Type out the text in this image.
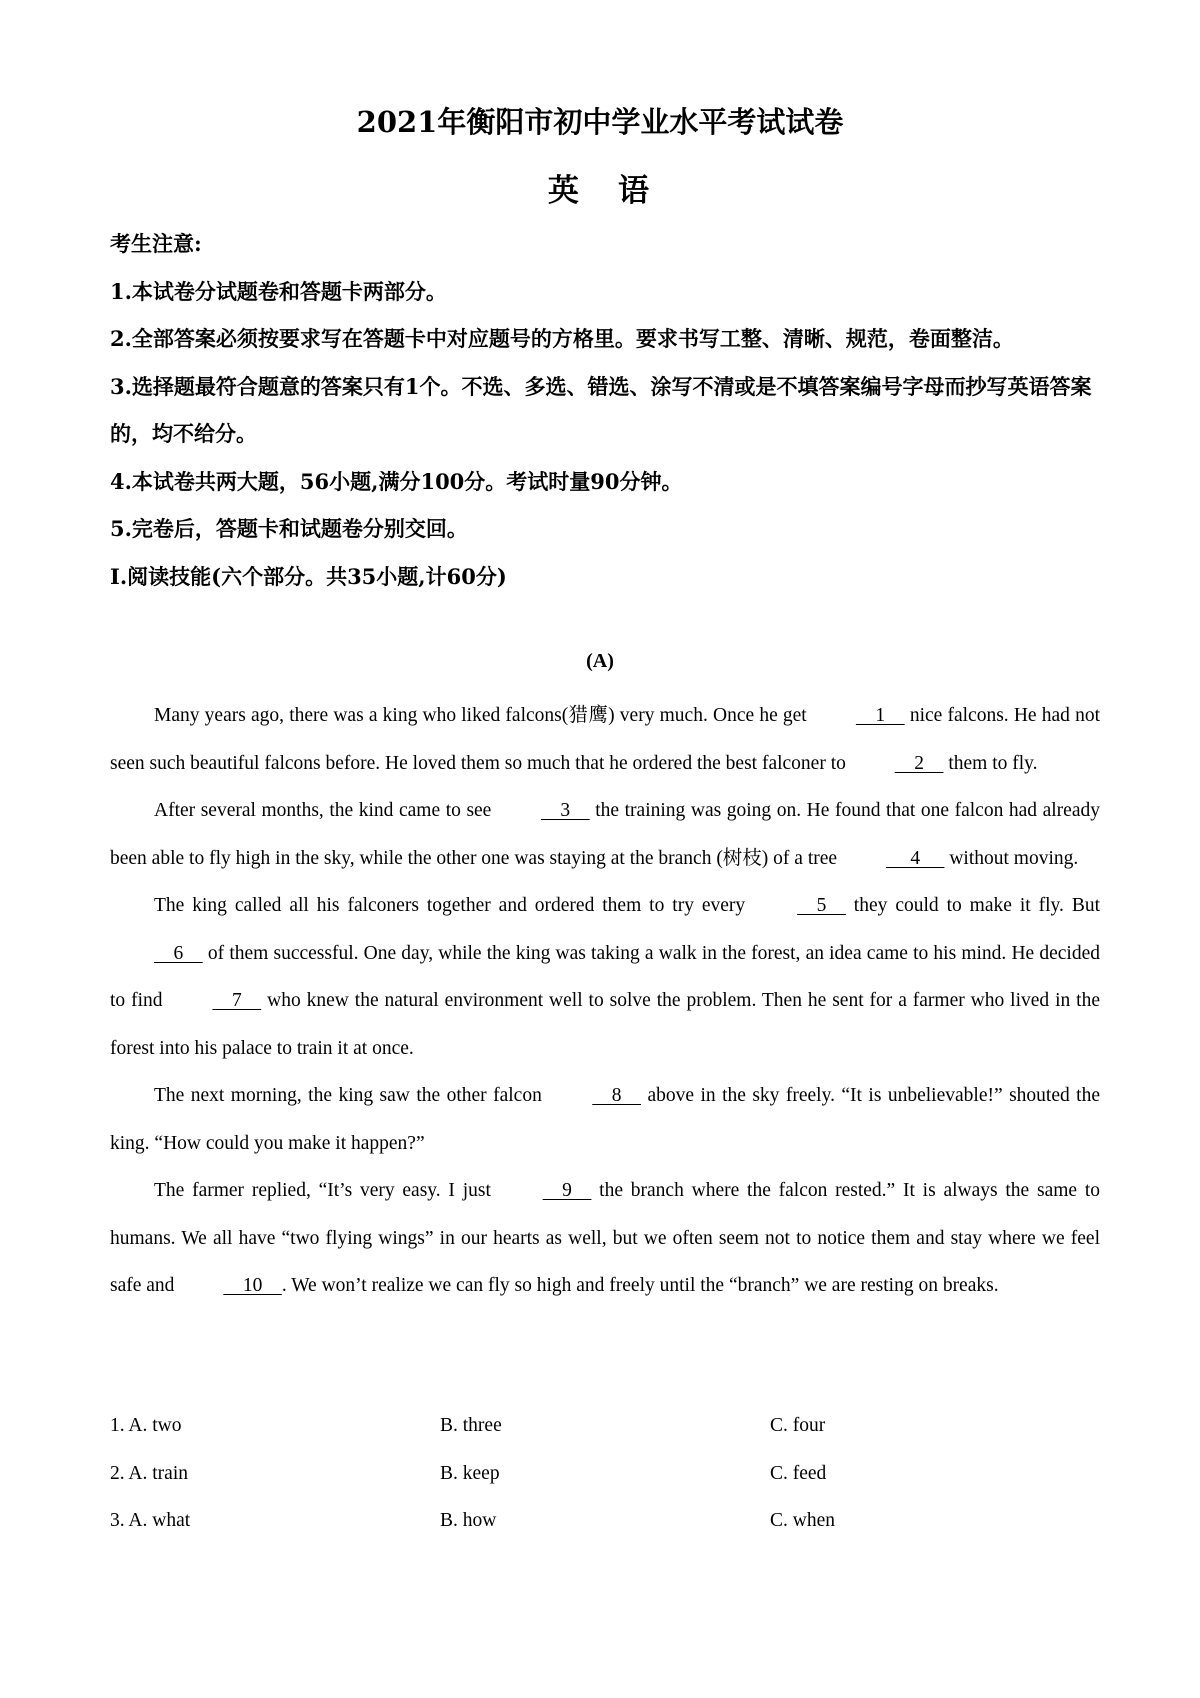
2021年衡阳市初中学业水平考试试卷
英 语

考生注意:

1.本试卷分试题卷和答题卡两部分。

2.全部答案必须按要求写在答题卡中对应题号的方格里。要求书写工整、清晰、规范，卷面整洁。

3.选择题最符合题意的答案只有1个。不选、多选、错选、涂写不清或是不填答案编号字母而抄写英语答案的，均不给分。

4.本试卷共两大题，56小题,满分100分。考试时量90分钟。

5.完卷后，答题卡和试题卷分别交回。

I.阅读技能(六个部分。共35小题,计60分)

(A)

Many years ago, there was a king who liked falcons(猎鹰) very much. Once he get     1     nice falcons. He had not seen such beautiful falcons before. He loved them so much that he ordered the best falconer to     2     them to fly.

After several months, the kind came to see     3     the training was going on. He found that one falcon had already been able to fly high in the sky, while the other one was staying at the branch (树枝) of a tree      4      without moving.

The king called all his falconers together and ordered them to try every     5     they could to make it fly. But     6     of them successful. One day, while the king was taking a walk in the forest, an idea came to his mind. He decided to find     7     who knew the natural environment well to solve the problem. Then he sent for a farmer who lived in the forest into his palace to train it at once.

The next morning, the king saw the other falcon     8     above in the sky freely. “It is unbelievable!” shouted the king. “How could you make it happen?”

The farmer replied, “It’s very easy. I just     9     the branch where the falcon rested.” It is always the same to humans. We all have “two flying wings” in our hearts as well, but we often seem not to notice them and stay where we feel safe and     10    . We won’t realize we can fly so high and freely until the “branch” we are resting on breaks.

1. A. two	B. three	C. four
2. A. train	B. keep	C. feed
3. A. what	B. how	C. when
